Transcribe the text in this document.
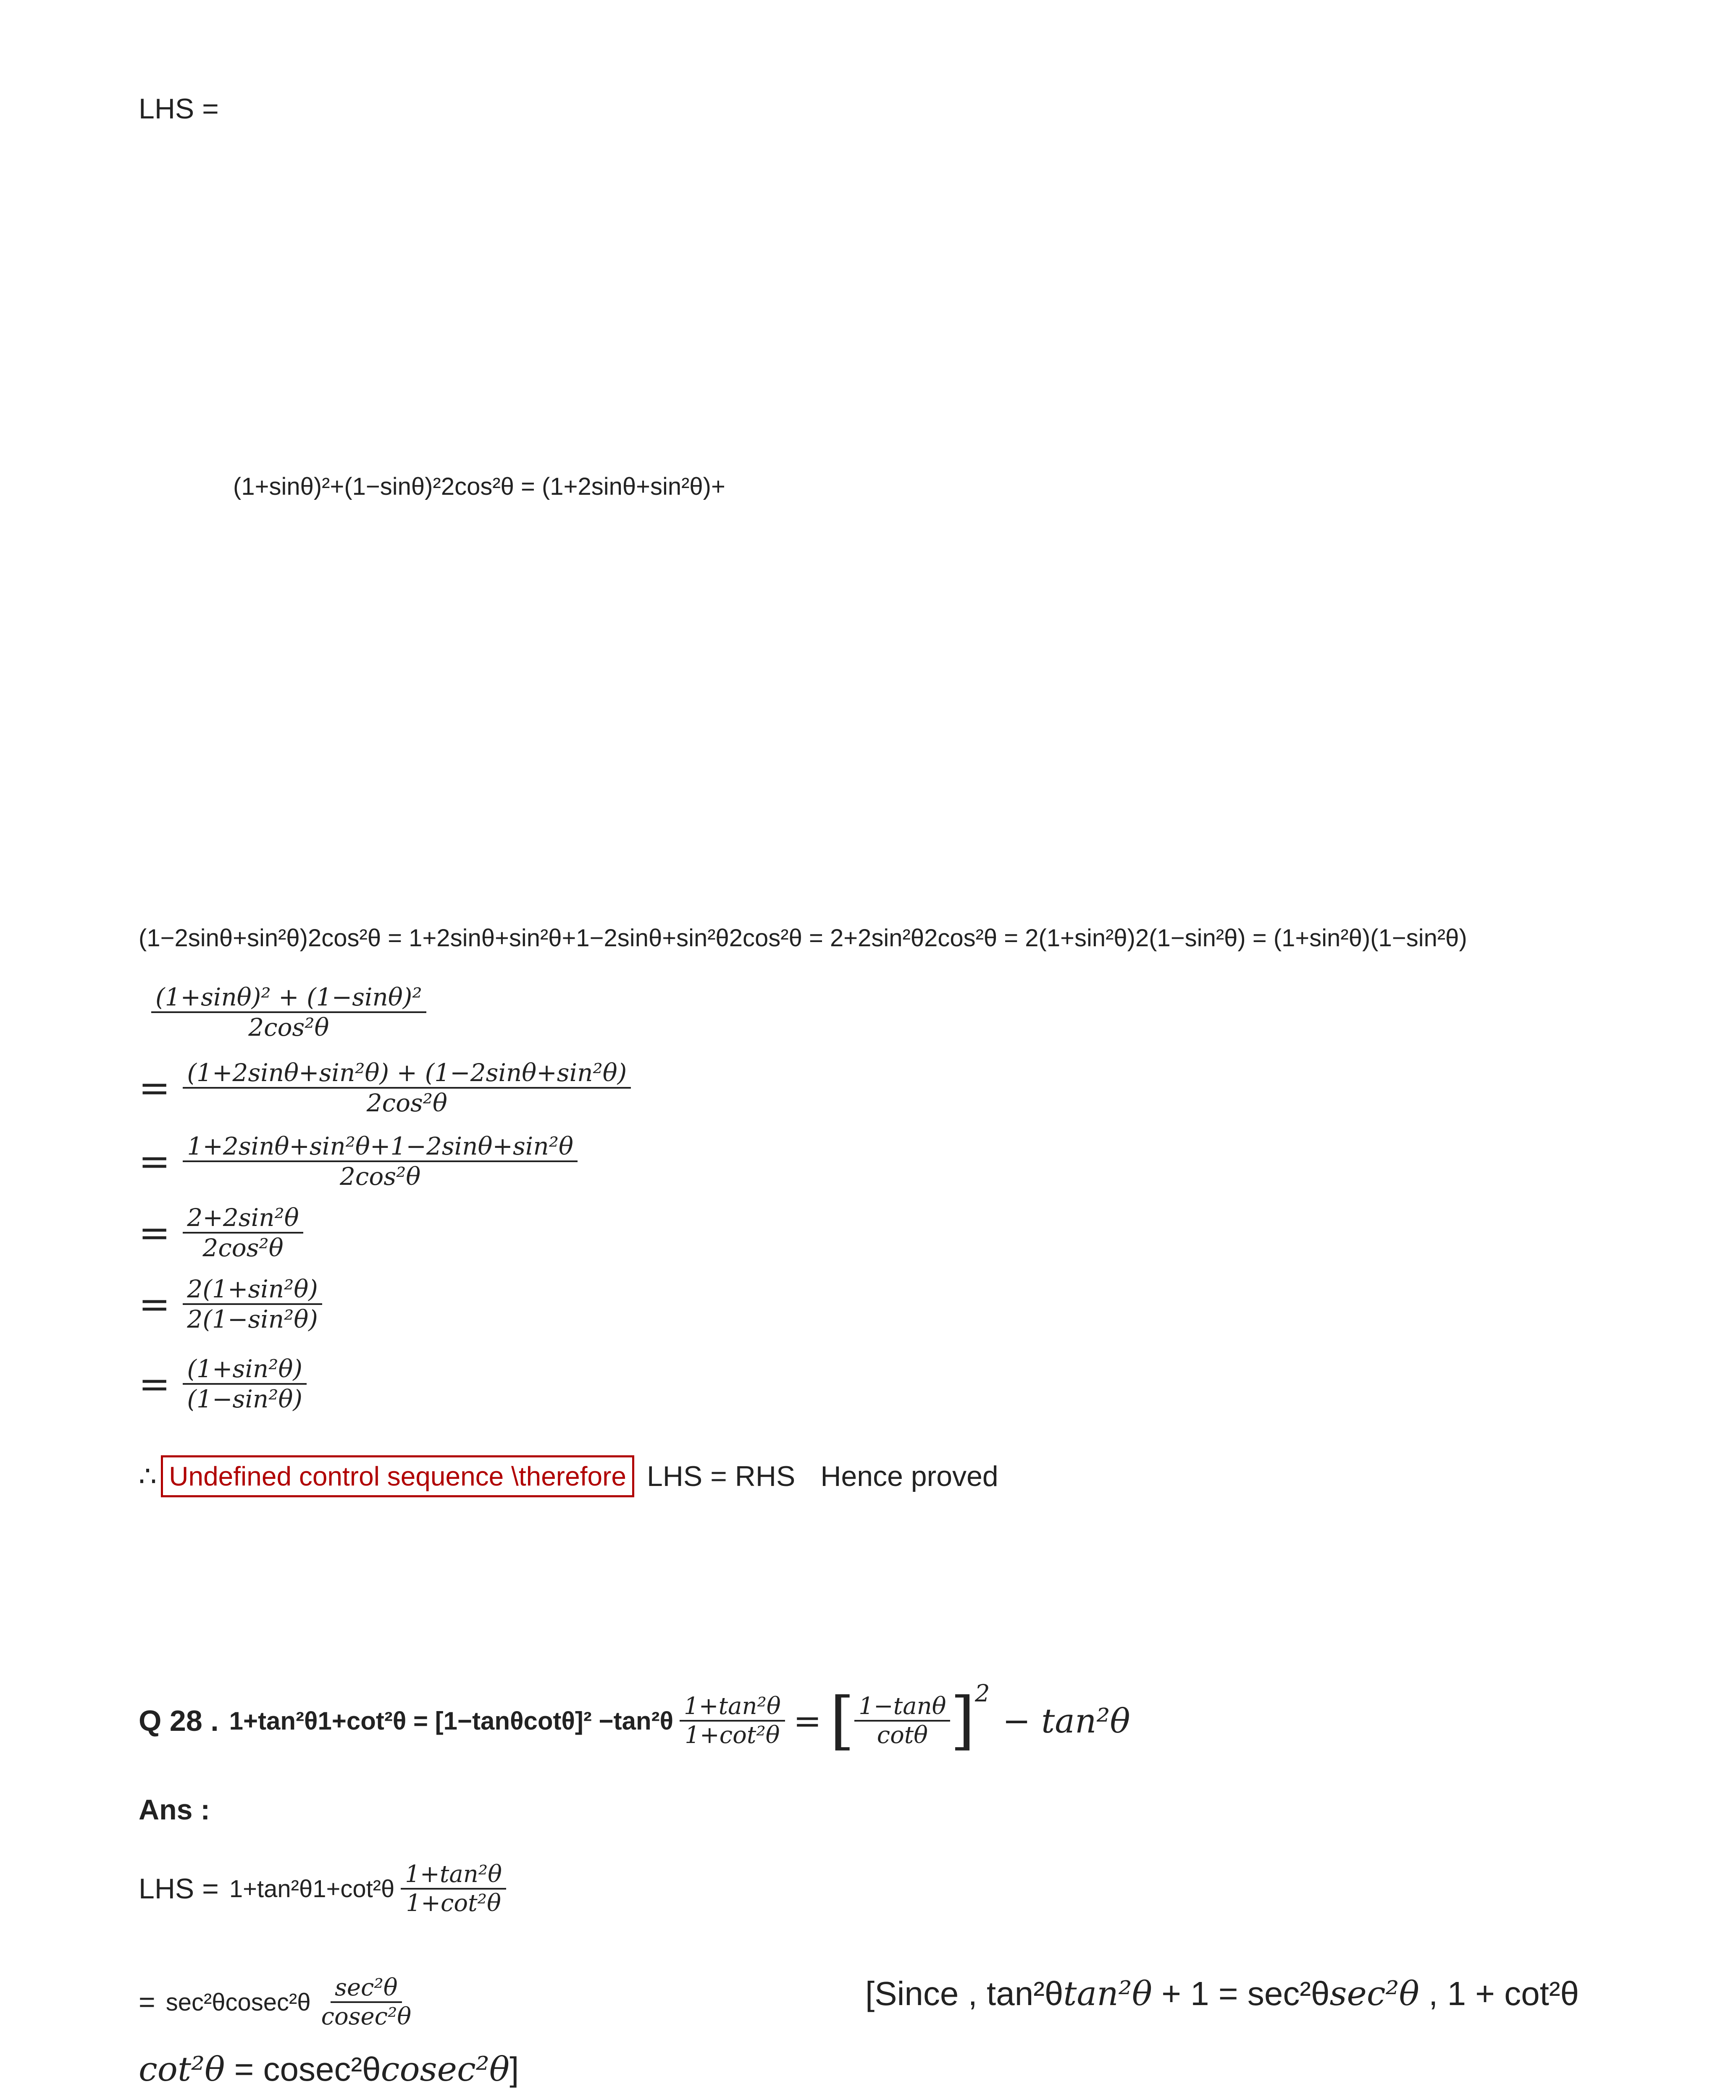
LHS =
(1+sinθ)²+(1−sinθ)²2cos²θ = (1+2sinθ+sin²θ)+
(1−2sinθ+sin²θ)2cos²θ = 1+2sinθ+sin²θ+1−2sinθ+sin²θ2cos²θ = 2+2sin²θ2cos²θ = 2(1+sin²θ)2(1−sin²θ) = (1+sin²θ)(1−sin²θ)
$\frac{\text{(1+sinθ)² + (1−sinθ)²}}{\text{2cos²θ}}$
= $\frac{\text{(1+2sinθ+sin²θ) + (1−2sinθ+sin²θ)}}{\text{2cos²θ}}$
= $\frac{\text{1+2sinθ+sin²θ+1−2sinθ+sin²θ}}{\text{2cos²θ}}$
= $\frac{\text{2+2sin²θ}}{\text{2cos²θ}}$
= $\frac{\text{2(1+sin²θ)}}{\text{2(1−sin²θ)}}$
= $\frac{\text{(1+sin²θ)}}{\text{(1−sin²θ)}}$
∴ Undefined control sequence \therefore LHS = RHS Hence proved
Q 28 . $1+\tan^2\theta 1+\cot^2\theta = [1-\tan\theta\cot\theta]^2 -\tan^2\theta \frac{\text{1+tan²θ}}{\text{1+cot²θ}}$ = [ $\frac{1-\tan\theta}{\cot\theta}$ ] 2
− tan²θ
Ans :
LHS = $1+\tan^2\theta 1+\cot^2\theta \frac{\text{1+tan²θ}}{\text{1+cot²θ}}$
= $\sec^2\theta cosec^2\theta \frac{\text{sec²θ}}{\text{cosec²θ}}$	[Since , tan²θtan²θ + 1 = sec²θsec²θ , 1 + cot²θ
cot²θ = cosec²θcosec²θ]
